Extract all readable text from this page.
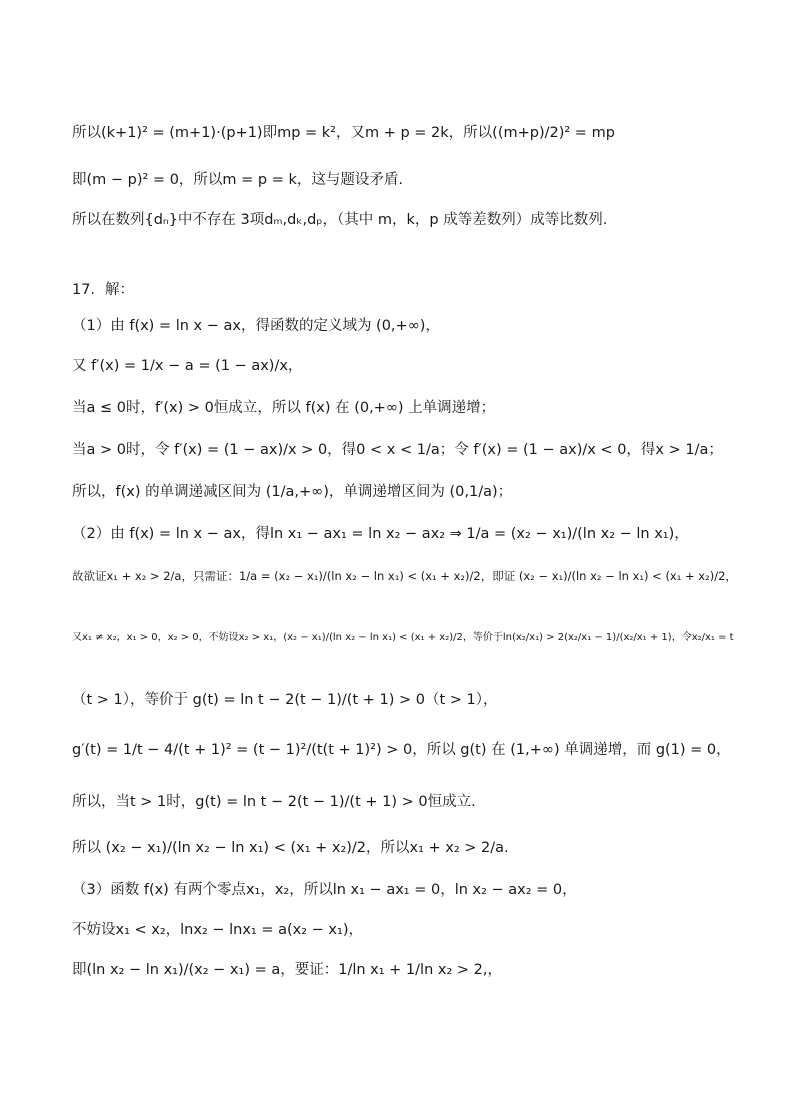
所以(k+1)² = (m+1)·(p+1)即mp = k²，又m + p = 2k，所以((m+p)/2)² = mp
即(m − p)² = 0，所以m = p = k，这与题设矛盾.
所以在数列{dₙ}中不存在 3项dₘ,dₖ,dₚ，（其中 m，k，p 成等差数列）成等比数列.
17．解：
（1）由 f(x) = ln x − ax，得函数的定义域为 (0,+∞)，
又 f′(x) = 1/x − a = (1 − ax)/x，
当a ≤ 0时，f′(x) > 0恒成立，所以 f(x) 在 (0,+∞) 上单调递增；
当a > 0时，令 f′(x) = (1 − ax)/x > 0，得0 < x < 1/a；令 f′(x) = (1 − ax)/x < 0，得x > 1/a；
所以，f(x) 的单调递减区间为 (1/a,+∞)，单调递增区间为 (0,1/a)；
（2）由 f(x) = ln x − ax，得ln x₁ − ax₁ = ln x₂ − ax₂ ⇒ 1/a = (x₂ − x₁)/(ln x₂ − ln x₁)，
故欲证x₁ + x₂ > 2/a，只需证：1/a = (x₂ − x₁)/(ln x₂ − ln x₁) < (x₁ + x₂)/2，即证 (x₂ − x₁)/(ln x₂ − ln x₁) < (x₁ + x₂)/2，
又x₁ ≠ x₂，x₁ > 0，x₂ > 0，不妨设x₂ > x₁，(x₂ − x₁)/(ln x₂ − ln x₁) < (x₁ + x₂)/2，等价于ln(x₂/x₁) > 2(x₂/x₁ − 1)/(x₂/x₁ + 1)，令x₂/x₁ = t
（t > 1），等价于 g(t) = ln t − 2(t − 1)/(t + 1) > 0（t > 1），
g′(t) = 1/t − 4/(t + 1)² = (t − 1)²/(t(t + 1)²) > 0，所以 g(t) 在 (1,+∞) 单调递增，而 g(1) = 0，
所以，当t > 1时，g(t) = ln t − 2(t − 1)/(t + 1) > 0恒成立.
所以 (x₂ − x₁)/(ln x₂ − ln x₁) < (x₁ + x₂)/2，所以x₁ + x₂ > 2/a.
（3）函数 f(x) 有两个零点x₁，x₂，所以ln x₁ − ax₁ = 0，ln x₂ − ax₂ = 0，
不妨设x₁ < x₂，lnx₂ − lnx₁ = a(x₂ − x₁)，
即(ln x₂ − ln x₁)/(x₂ − x₁) = a，要证：1/ln x₁ + 1/ln x₂ > 2,，
